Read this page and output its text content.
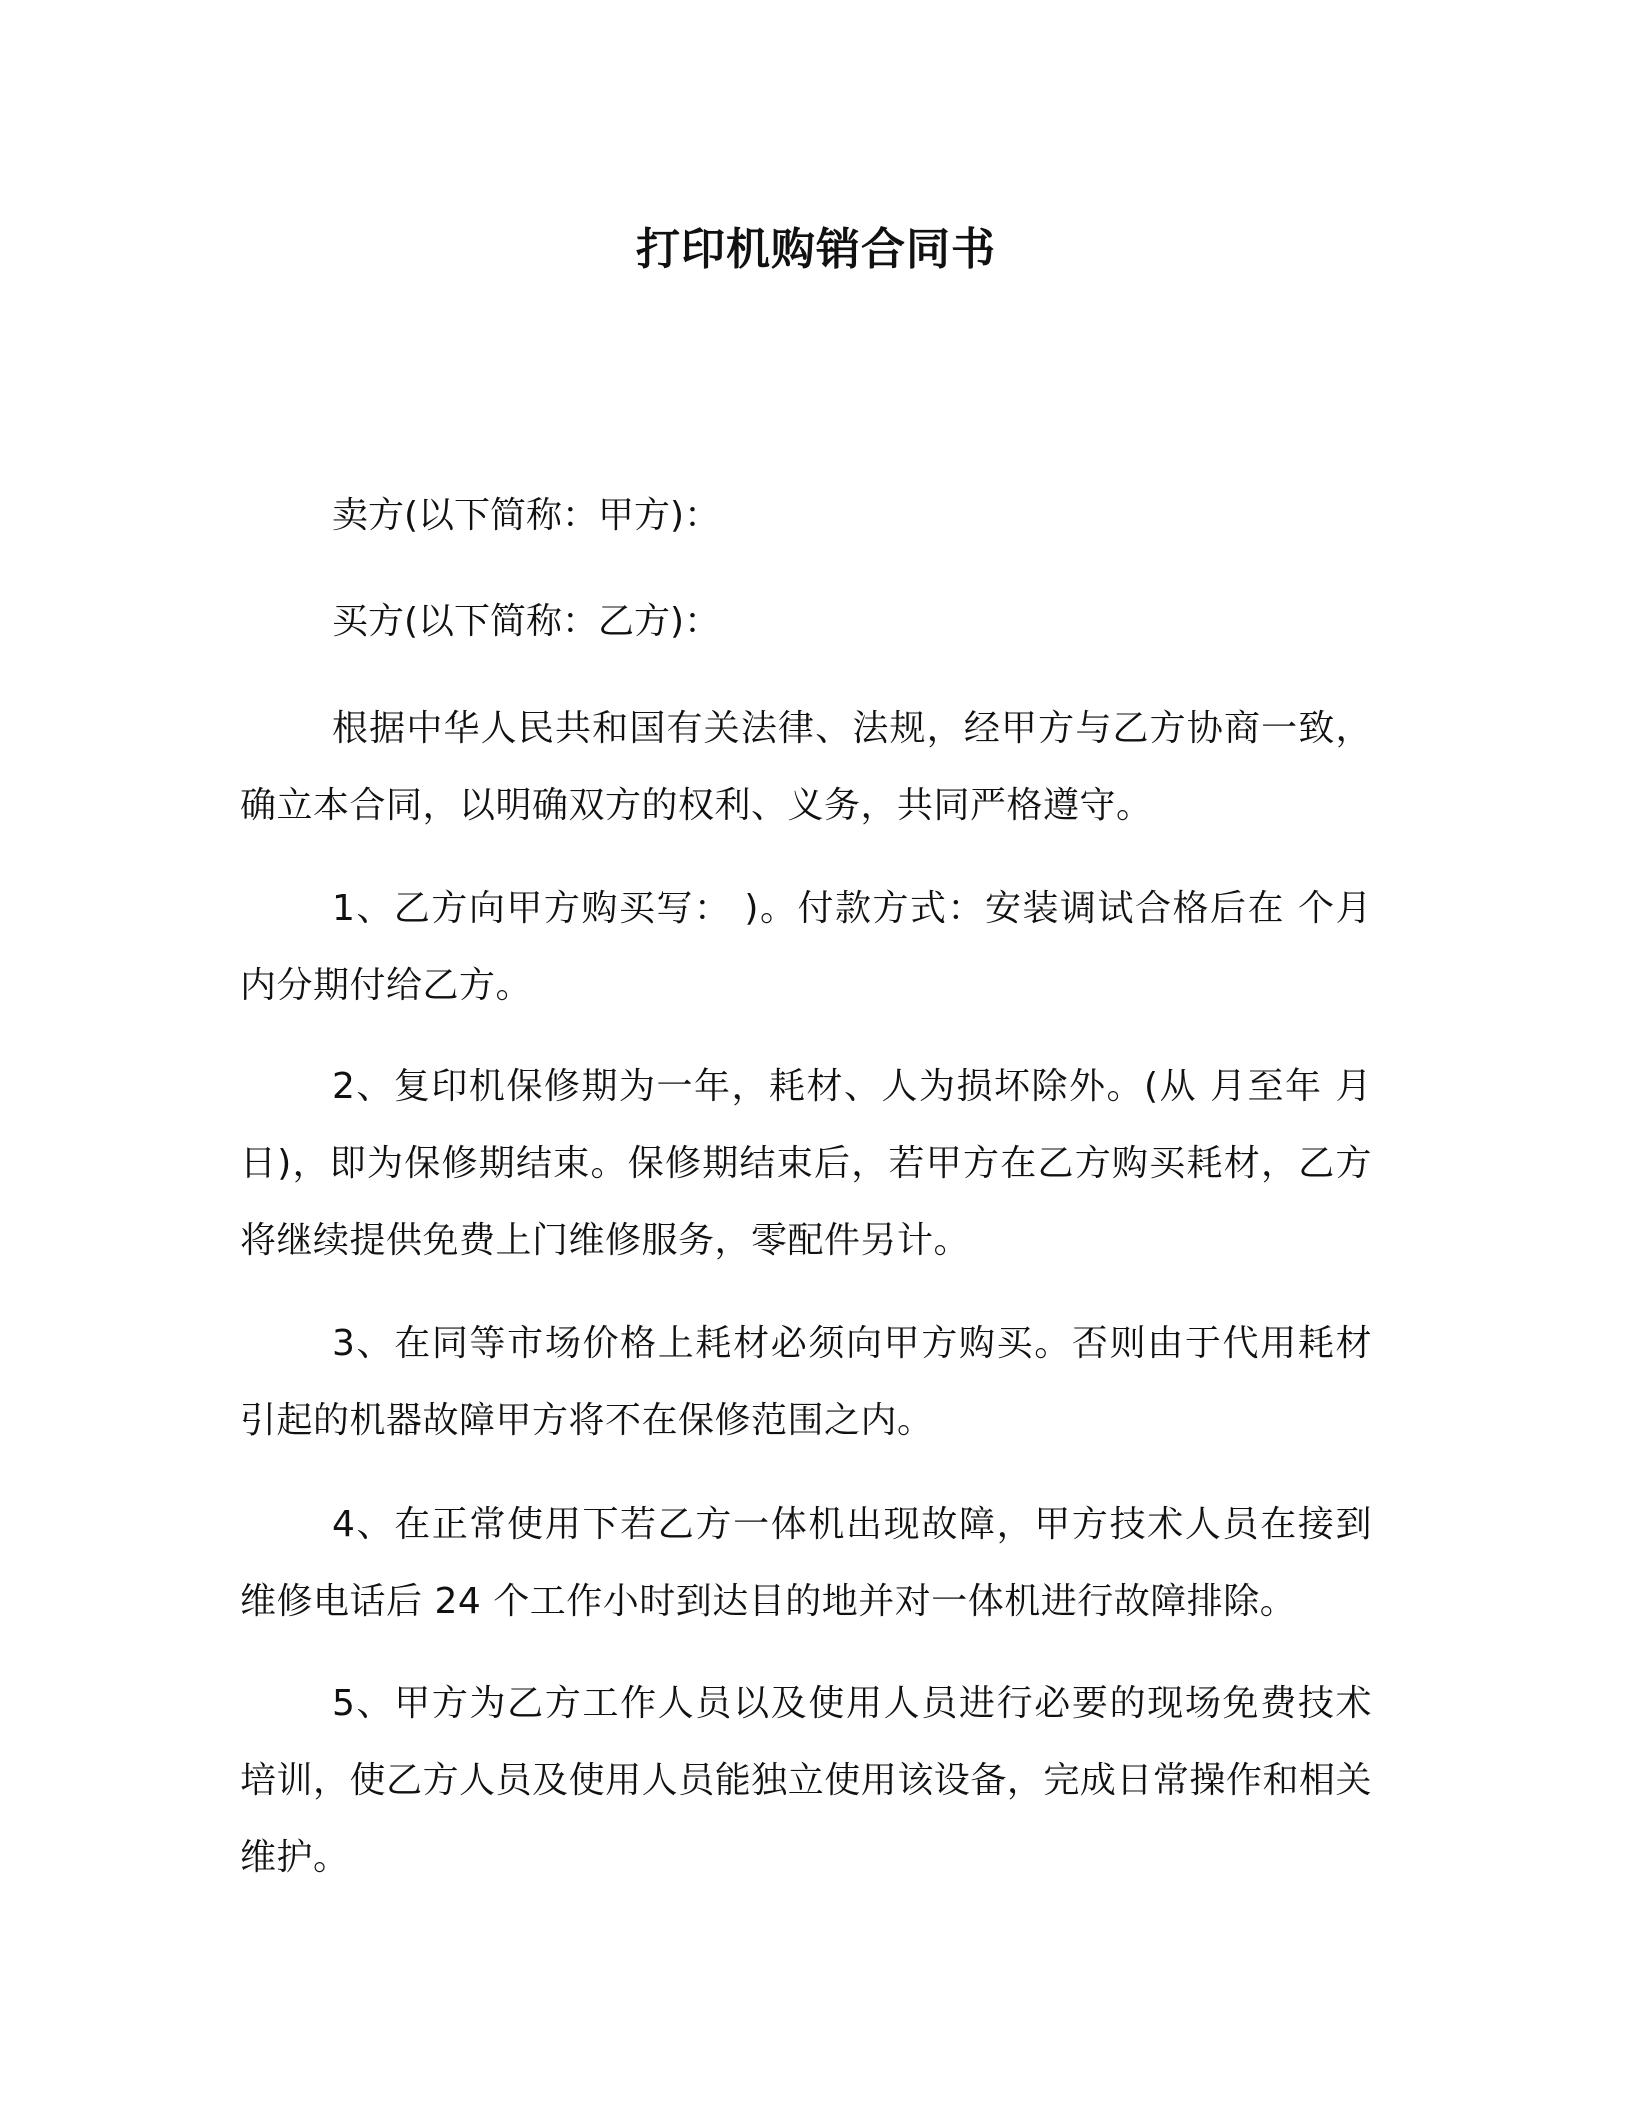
打印机购销合同书
卖方(以下简称：甲方)：
买方(以下简称：乙方)：
根据中华人民共和国有关法律、法规，经甲方与乙方协商一致，确立本合同，以明确双方的权利、义务，共同严格遵守。
1、乙方向甲方购买写： )。付款方式：安装调试合格后在 个月内分期付给乙方。
2、复印机保修期为一年，耗材、人为损坏除外。(从 月至年 月日)，即为保修期结束。保修期结束后，若甲方在乙方购买耗材，乙方将继续提供免费上门维修服务，零配件另计。
3、在同等市场价格上耗材必须向甲方购买。否则由于代用耗材引起的机器故障甲方将不在保修范围之内。
4、在正常使用下若乙方一体机出现故障，甲方技术人员在接到维修电话后 24 个工作小时到达目的地并对一体机进行故障排除。
5、甲方为乙方工作人员以及使用人员进行必要的现场免费技术培训，使乙方人员及使用人员能独立使用该设备，完成日常操作和相关维护。
